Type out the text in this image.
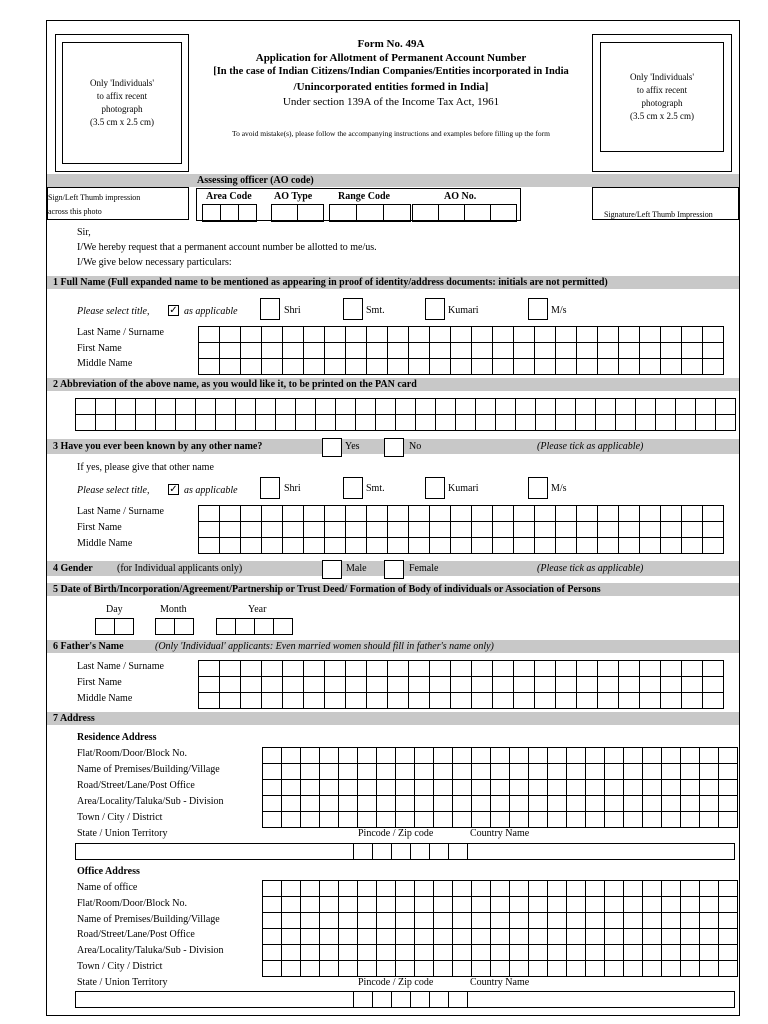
Only 'Individuals'
to affix recent
photograph
(3.5 cm x 2.5 cm)
Only 'Individuals'
to affix recent
photograph
(3.5 cm x 2.5 cm)
Form No. 49A
Application for Allotment of Permanent Account Number
[In the case of Indian Citizens/Indian Companies/Entities incorporated in India
/Unincorporated entities formed in India]
Under section 139A of the Income Tax Act, 1961
To avoid mistake(s), please follow the accompanying instructions and examples before filling up the form
Assessing officer (AO code)
Sign/Left Thumb impression
across this photo	Signature/Left Thumb Impression
Area Code AO Type	Range Code	AO No.
Sir,
I/We hereby request that a permanent account number be allotted to me/us.
I/We give below necessary particulars:
1 Full Name (Full expanded name to be mentioned as appearing in proof of identity/address documents: initials are not permitted)
Please select title, ✓ as applicable	Shri	Smt.	Kumari	M/s
Last Name / Surname
First Name
Middle Name
2 Abbreviation of the above name, as you would like it, to be printed on the PAN card
3 Have you ever been known by any other name?	Yes	No	(Please tick as applicable)
If yes, please give that other name
Please select title, ✓ as applicable	Shri	Smt.	Kumari	M/s
Last Name / Surname
First Name
Middle Name
4 Gender (for Individual applicants only)	Male	Female	(Please tick as applicable)
5 Date of Birth/Incorporation/Agreement/Partnership or Trust Deed/ Formation of Body of individuals or Association of Persons
Day	Month	Year
6 Father's Name	(Only 'Individual' applicants: Even married women should fill in father's name only)
Last Name / Surname
First Name
Middle Name
7 Address
Residence Address
Flat/Room/Door/Block No.
Name of Premises/Building/Village
Road/Street/Lane/Post Office
Area/Locality/Taluka/Sub - Division
Town / City / District
State / Union Territory	Pincode / Zip code	Country Name
Office Address
Name of office
Flat/Room/Door/Block No.
Name of Premises/Building/Village
Road/Street/Lane/Post Office
Area/Locality/Taluka/Sub - Division
Town / City / District
State / Union Territory	Pincode / Zip code	Country Name
